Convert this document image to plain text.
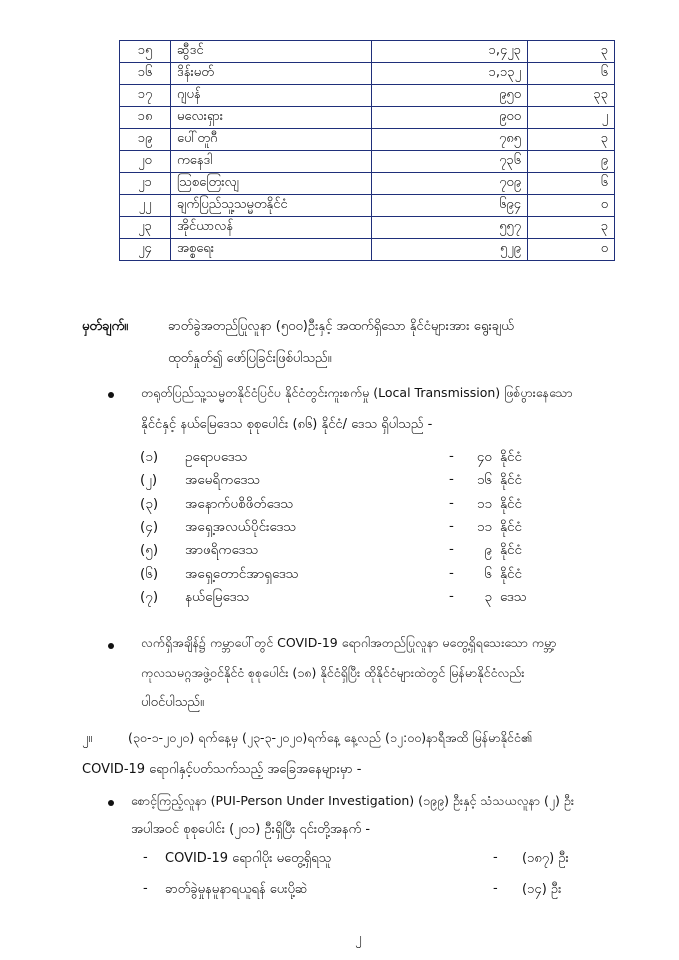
၁၅	ဆွီဒင်	၁,၄၂၃	၃
၁၆	ဒိန်းမတ်	၁,၁၃၂	၆
၁၇	ဂျပန်	၉၅၀	၃၃
၁၈	မလေးရှား	၉၀၀	၂
၁၉	ပေါ်တူဂီ	၇၈၅	၃
၂၀	ကနေဒါ	၇၃၆	၉
၂၁	ဩစတြေးလျ	၇၀၉	၆
၂၂	ချက်ပြည်သူ့သမ္မတနိုင်ငံ	၆၉၄	၀
၂၃	အိုင်ယာလန်	၅၅၇	၃
၂၄	အစ္စရေး	၅၂၉	၀
မှတ်ချက်။	ခာတ်ခွဲအတည်ပြုလူနာ (၅၀၀)ဦးနှင့် အထက်ရှိသော နိုင်ငံများအား ရွေးချယ်
ထုတ်နှုတ်၍ ဖော်ပြခြင်းဖြစ်ပါသည်။
တရုတ်ပြည်သူ့သမ္မတနိုင်ငံပြင်ပ နိုင်ငံတွင်းကူးစက်မှု (Local Transmission) ဖြစ်ပွားနေသော
နိုင်ငံနှင့် နယ်မြေဒေသ စုစုပေါင်း (၈၆) နိုင်ငံ/ ဒေသ ရှိပါသည် -
(၁) ဥရောပဒေသ	-	၄၀ နိုင်ငံ
(၂) အမေရိကဒေသ	-	၁၆ နိုင်ငံ
(၃) အနောက်ပစိဖိတ်ဒေသ	-	၁၁ နိုင်ငံ
(၄) အရှေ့အလယ်ပိုင်းဒေသ	-	၁၁ နိုင်ငံ
(၅) အာဖရိကဒေသ	-	၉ နိုင်ငံ
(၆) အရှေ့တောင်အာရှဒေသ	-	၆ နိုင်ငံ
(၇) နယ်မြေဒေသ	-	၃ ဒေသ
လက်ရှိအချိန်၌ ကမ္ဘာပေါ်တွင် COVID-19 ရောဂါအတည်ပြုလူနာ မတွေ့ရှိရသေးသော ကမ္ဘာ့
ကုလသမဂ္ဂအဖွဲ့ဝင်နိုင်ငံ စုစုပေါင်း (၁၈) နိုင်ငံရှိပြီး ထိုနိုင်ငံများထဲတွင် မြန်မာနိုင်ငံလည်း
ပါဝင်ပါသည်။
၂။	(၃၀-၁-၂၀၂၀) ရက်နေ့မှ (၂၃-၃-၂၀၂၀)ရက်နေ့ နေ့လည် (၁၂:၀၀)နာရီအထိ မြန်မာနိုင်ငံ၏
COVID-19 ရောဂါနှင့်ပတ်သက်သည့် အခြေအနေများမှာ -
စောင့်ကြည့်လူနာ (PUI-Person Under Investigation) (၁၉၉) ဦးနှင့် သံသယလူနာ (၂) ဦး
အပါအဝင် စုစုပေါင်း (၂၀၁) ဦးရှိပြီး ၎င်းတို့အနက် -
- COVID-19 ရောဂါပိုး မတွေ့ရှိရသူ	- (၁၈၇) ဦး
- ခာတ်ခွဲမှုနမူနာရယူရန် ပေးပို့ဆဲ	- (၁၄) ဦး
၂
